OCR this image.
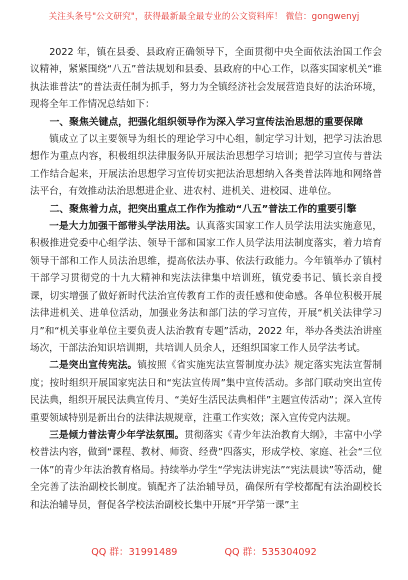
关注头条号"公文研究"，获得最新最全最专业的公文资料库！ 微信：gongwenyj

2022 年，镇在县委、县政府正确领导下，全面贯彻中央全面依法治国工作会议精神，紧紧围绕“八五”普法规划和县委、县政府的中心工作，以落实国家机关“谁执法谁普法”的普法责任制为抓手，努力为全镇经济社会发展营造良好的法治环境，现将全年工作情况总结如下：

一、聚焦关键点，把强化组织领导作为深入学习宣传法治思想的重要保障

镇成立了以主要领导为组长的理论学习中心组，制定学习计划，把学习法治思想作为重点内容，积极组织法律服务队开展法治思想学习培训；把学习宣传与普法工作结合起来，开展法治思想学习宣传切实把法治思想纳入各类普法阵地和网络普法平台，有效推动法治思想进企业、进农村、进机关、进校园、进单位。

二、聚焦着力点，把突出重点工作作为推动“八五”普法工作的重要引擎

一是大力加强干部带头学法用法。认真落实国家工作人员学法用法实施意见，积极推进党委中心组学法、领导干部和国家工作人员学法用法制度落实，着力培育领导干部和工作人员法治思维，提高依法办事、依法行政能力。今年镇举办了镇村干部学习贯彻党的十九大精神和宪法法律集中培训班，镇党委书记、镇长亲自授课，切实增强了做好新时代法治宣传教育工作的责任感和使命感。各单位积极开展法律进机关、进单位活动，加强业务法和部门法的学习宣传，开展“机关法律学习月”和“机关事业单位主要负责人法治教育专题”活动，2022 年，举办各类法治讲座场次，干部法治知识培训期，共培训人员余人，还组织国家工作人员学法考试。

二是突出宣传宪法。镇按照《省实施宪法宣誓制度办法》规定落实宪法宣誓制度；按时组织开展国家宪法日和“宪法宣传周”集中宣传活动。多部门联动突出宣传民法典，组织开展民法典宣传月、“美好生活民法典相伴”主题宣传活动”；深入宣传重要领域特别是新出台的法律法规规章，注重工作实效；深入宣传党内法规。

三是倾力普法青少年学法氛围。贯彻落实《青少年法治教育大纲》，丰富中小学校普法内容，做到“课程、教材、师资、经费”四落实，形成学校、家庭、社会“三位一体”的青少年法治教育格局。持续举办学生“学宪法讲宪法”“宪法晨读”等活动，健全完善了法治副校长制度。镇配齐了法治辅导员，确保所有学校都配有法治副校长和法治辅导员，督促各学校法治副校长集中开展“开学第一课”主

QQ 群：31991489	QQ 群：535304092
